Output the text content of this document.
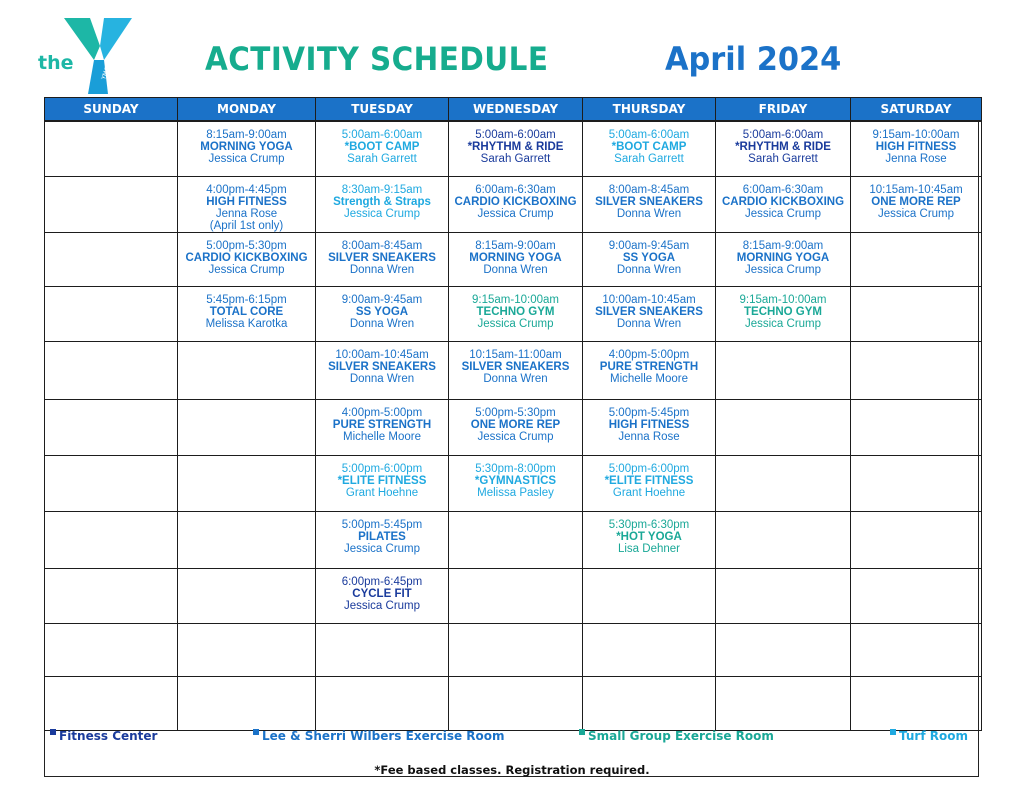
the	YMCA	ACTIVITY SCHEDULE	April 2024
SUNDAY	MONDAY	TUESDAY	WEDNESDAY	THURSDAY	FRIDAY	SATURDAY

	8:15am-9:00am
MORNING YOGA
Jessica Crump	5:00am-6:00am
*BOOT CAMP
Sarah Garrett	5:00am-6:00am
*RHYTHM & RIDE
Sarah Garrett	5:00am-6:00am
*BOOT CAMP
Sarah Garrett	5:00am-6:00am
*RHYTHM & RIDE
Sarah Garrett	9:15am-10:00am
HIGH FITNESS
Jenna Rose

	4:00pm-4:45pm
HIGH FITNESS
Jenna Rose
(April 1st only)	8:30am-9:15am
Strength & Straps
Jessica Crump	6:00am-6:30am
CARDIO KICKBOXING
Jessica Crump	8:00am-8:45am
SILVER SNEAKERS
Donna Wren	6:00am-6:30am
CARDIO KICKBOXING
Jessica Crump	10:15am-10:45am
ONE MORE REP
Jessica Crump

	5:00pm-5:30pm
CARDIO KICKBOXING
Jessica Crump	8:00am-8:45am
SILVER SNEAKERS
Donna Wren	8:15am-9:00am
MORNING YOGA
Donna Wren	9:00am-9:45am
SS YOGA
Donna Wren	8:15am-9:00am
MORNING YOGA
Jessica Crump	

	5:45pm-6:15pm
TOTAL CORE
Melissa Karotka	9:00am-9:45am
SS YOGA
Donna Wren	9:15am-10:00am
TECHNO GYM
Jessica Crump	10:00am-10:45am
SILVER SNEAKERS
Donna Wren	9:15am-10:00am
TECHNO GYM
Jessica Crump	

		10:00am-10:45am
SILVER SNEAKERS
Donna Wren	10:15am-11:00am
SILVER SNEAKERS
Donna Wren	4:00pm-5:00pm
PURE STRENGTH
Michelle Moore		

		4:00pm-5:00pm
PURE STRENGTH
Michelle Moore	5:00pm-5:30pm
ONE MORE REP
Jessica Crump	5:00pm-5:45pm
HIGH FITNESS
Jenna Rose		

		5:00pm-6:00pm
*ELITE FITNESS
Grant Hoehne	5:30pm-8:00pm
*GYMNASTICS
Melissa Pasley	5:00pm-6:00pm
*ELITE FITNESS
Grant Hoehne		

		5:00pm-5:45pm
PILATES
Jessica Crump		5:30pm-6:30pm
*HOT YOGA
Lisa Dehner		

		6:00pm-6:45pm
CYCLE FIT
Jessica Crump				

Fitness Center	Lee & Sherri Wilbers Exercise Room	Small Group Exercise Room	Turf Room
*Fee based classes. Registration required.
